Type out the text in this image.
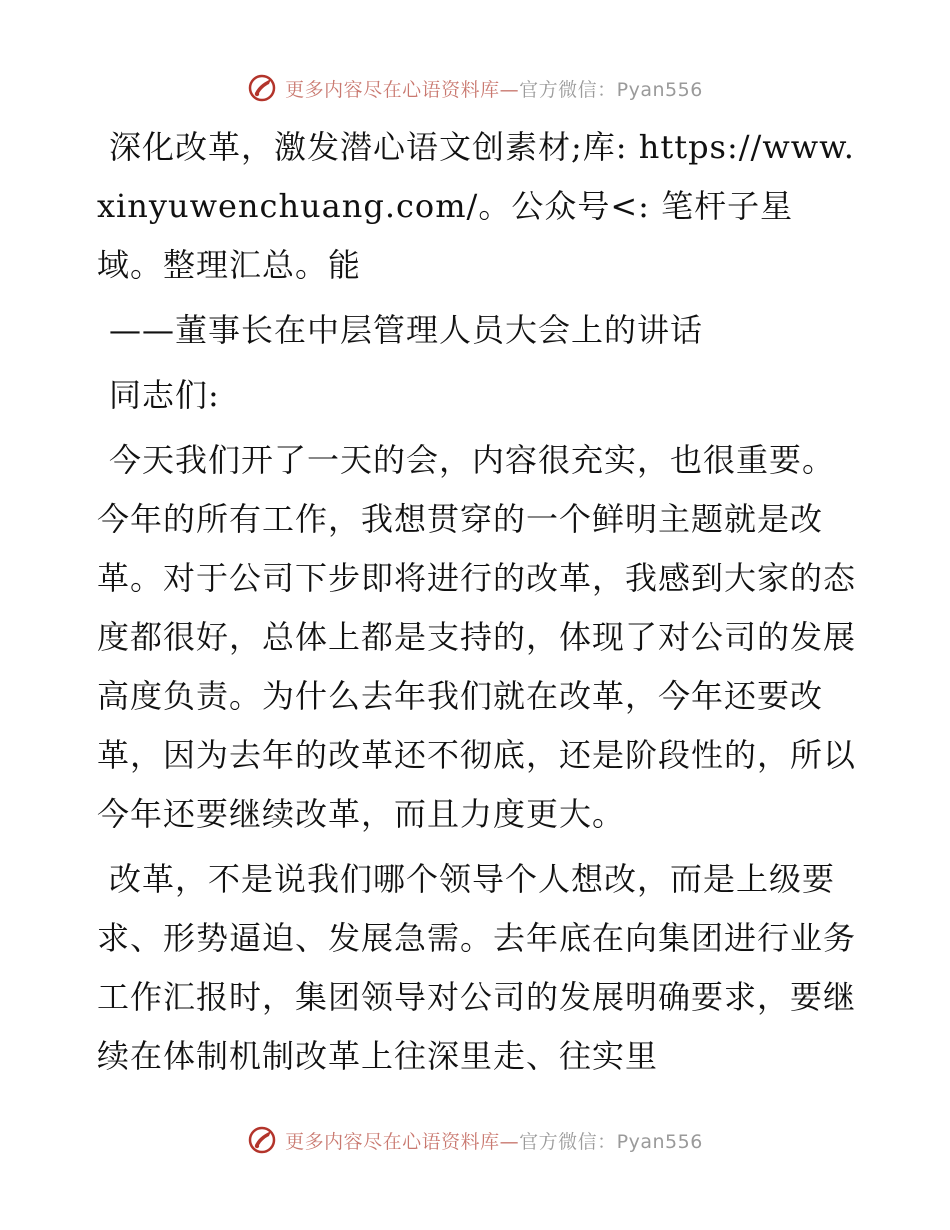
更多内容尽在心语资料库—官方微信：Pyan556

深化改革，激发潜心语文创素材;库: https://www.xinyuwenchuang.com/。公众号<: 笔杆子星域。整理汇总。能

——董事长在中层管理人员大会上的讲话

同志们:

今天我们开了一天的会，内容很充实，也很重要。今年的所有工作，我想贯穿的一个鲜明主题就是改革。对于公司下步即将进行的改革，我感到大家的态度都很好，总体上都是支持的，体现了对公司的发展高度负责。为什么去年我们就在改革，今年还要改革，因为去年的改革还不彻底，还是阶段性的，所以今年还要继续改革，而且力度更大。

改革，不是说我们哪个领导个人想改，而是上级要求、形势逼迫、发展急需。去年底在向集团进行业务工作汇报时，集团领导对公司的发展明确要求，要继续在体制机制改革上往深里走、往实里

更多内容尽在心语资料库—官方微信：Pyan556
